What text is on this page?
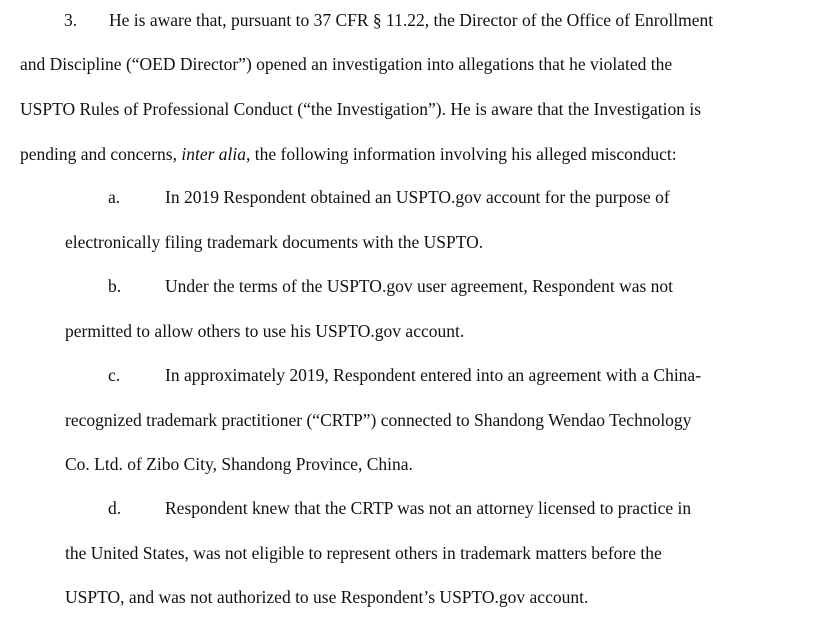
3. He is aware that, pursuant to 37 CFR § 11.22, the Director of the Office of Enrollment
and Discipline (“OED Director”) opened an investigation into allegations that he violated the
USPTO Rules of Professional Conduct (“the Investigation”). He is aware that the Investigation is
pending and concerns, inter alia, the following information involving his alleged misconduct:
a.	In 2019 Respondent obtained an USPTO.gov account for the purpose of
electronically filing trademark documents with the USPTO.
b.	Under the terms of the USPTO.gov user agreement, Respondent was not
permitted to allow others to use his USPTO.gov account.
c.	In approximately 2019, Respondent entered into an agreement with a China-
recognized trademark practitioner (“CRTP”) connected to Shandong Wendao Technology
Co. Ltd. of Zibo City, Shandong Province, China.
d.	Respondent knew that the CRTP was not an attorney licensed to practice in
the United States, was not eligible to represent others in trademark matters before the
USPTO, and was not authorized to use Respondent’s USPTO.gov account.
